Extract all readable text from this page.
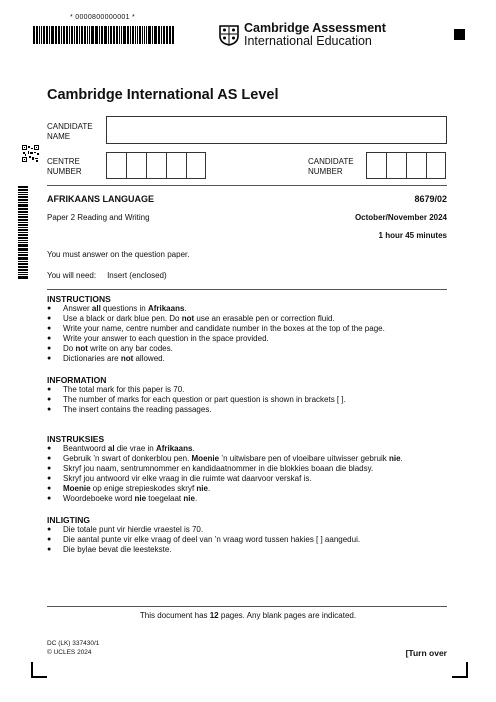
* 0000800000001 *
Cambridge Assessment
International Education
Cambridge International AS Level
CANDIDATE NAME
CENTRE NUMBER
CANDIDATE NUMBER
AFRIKAANS LANGUAGE	8679/02
Paper 2 Reading and Writing	October/November 2024
1 hour 45 minutes
You must answer on the question paper.
You will need: Insert (enclosed)
INSTRUCTIONS
● Answer all questions in Afrikaans.
● Use a black or dark blue pen. Do not use an erasable pen or correction fluid.
● Write your name, centre number and candidate number in the boxes at the top of the page.
● Write your answer to each question in the space provided.
● Do not write on any bar codes.
● Dictionaries are not allowed.
INFORMATION
● The total mark for this paper is 70.
● The number of marks for each question or part question is shown in brackets [ ].
● The insert contains the reading passages.
INSTRUKSIES
● Beantwoord al die vrae in Afrikaans.
● Gebruik ’n swart of donkerblou pen. Moenie ’n uitwisbare pen of vloeibare uitwisser gebruik nie.
● Skryf jou naam, sentrumnommer en kandidaatnommer in die blokkies boaan die bladsy.
● Skryf jou antwoord vir elke vraag in die ruimte wat daarvoor verskaf is.
● Moenie op enige strepieskodes skryf nie.
● Woordeboeke word nie toegelaat nie.
INLIGTING
● Die totale punt vir hierdie vraestel is 70.
● Die aantal punte vir elke vraag of deel van ’n vraag word tussen hakies [ ] aangedui.
● Die bylae bevat die leestekste.
This document has 12 pages. Any blank pages are indicated.
DC (LK) 337430/1
© UCLES 2024	[Turn over
